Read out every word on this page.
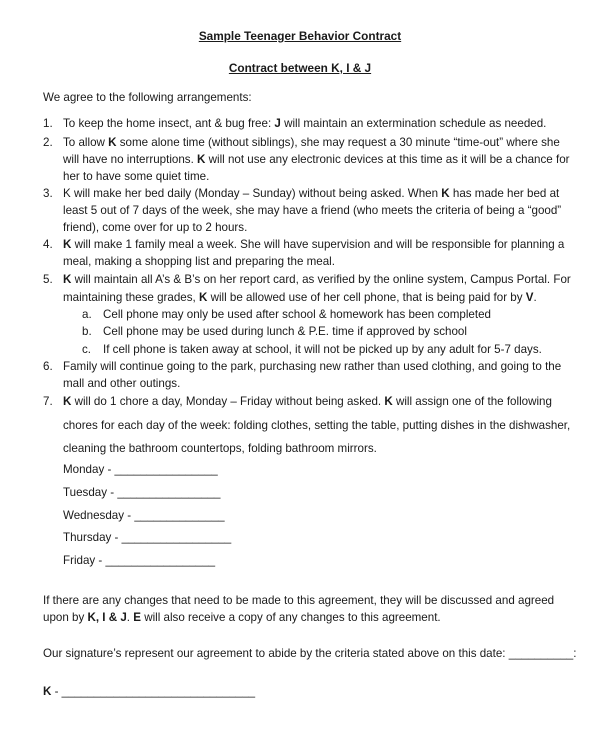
Sample Teenager Behavior Contract
Contract between K, I & J
We agree to the following arrangements:
1. To keep the home insect, ant & bug free: J will maintain an extermination schedule as needed.
2. To allow K some alone time (without siblings), she may request a 30 minute “time-out” where she
will have no interruptions. K will not use any electronic devices at this time as it will be a chance for
her to have some quiet time.
3. K will make her bed daily (Monday – Sunday) without being asked. When K has made her bed at
least 5 out of 7 days of the week, she may have a friend (who meets the criteria of being a “good”
friend), come over for up to 2 hours.
4. K will make 1 family meal a week. She will have supervision and will be responsible for planning a
meal, making a shopping list and preparing the meal.
5. K will maintain all A’s & B’s on her report card, as verified by the online system, Campus Portal. For
maintaining these grades, K will be allowed use of her cell phone, that is being paid for by V.
a. Cell phone may only be used after school & homework has been completed
b. Cell phone may be used during lunch & P.E. time if approved by school
c. If cell phone is taken away at school, it will not be picked up by any adult for 5-7 days.
6. Family will continue going to the park, purchasing new rather than used clothing, and going to the
mall and other outings.
7. K will do 1 chore a day, Monday – Friday without being asked. K will assign one of the following
chores for each day of the week: folding clothes, setting the table, putting dishes in the dishwasher,
cleaning the bathroom countertops, folding bathroom mirrors.
Monday - ________________
Tuesday - ________________
Wednesday - ______________
Thursday - _________________
Friday - _________________
If there are any changes that need to be made to this agreement, they will be discussed and agreed
upon by K, I & J. E will also receive a copy of any changes to this agreement.
Our signature’s represent our agreement to abide by the criteria stated above on this date: __________:
K - ______________________________
